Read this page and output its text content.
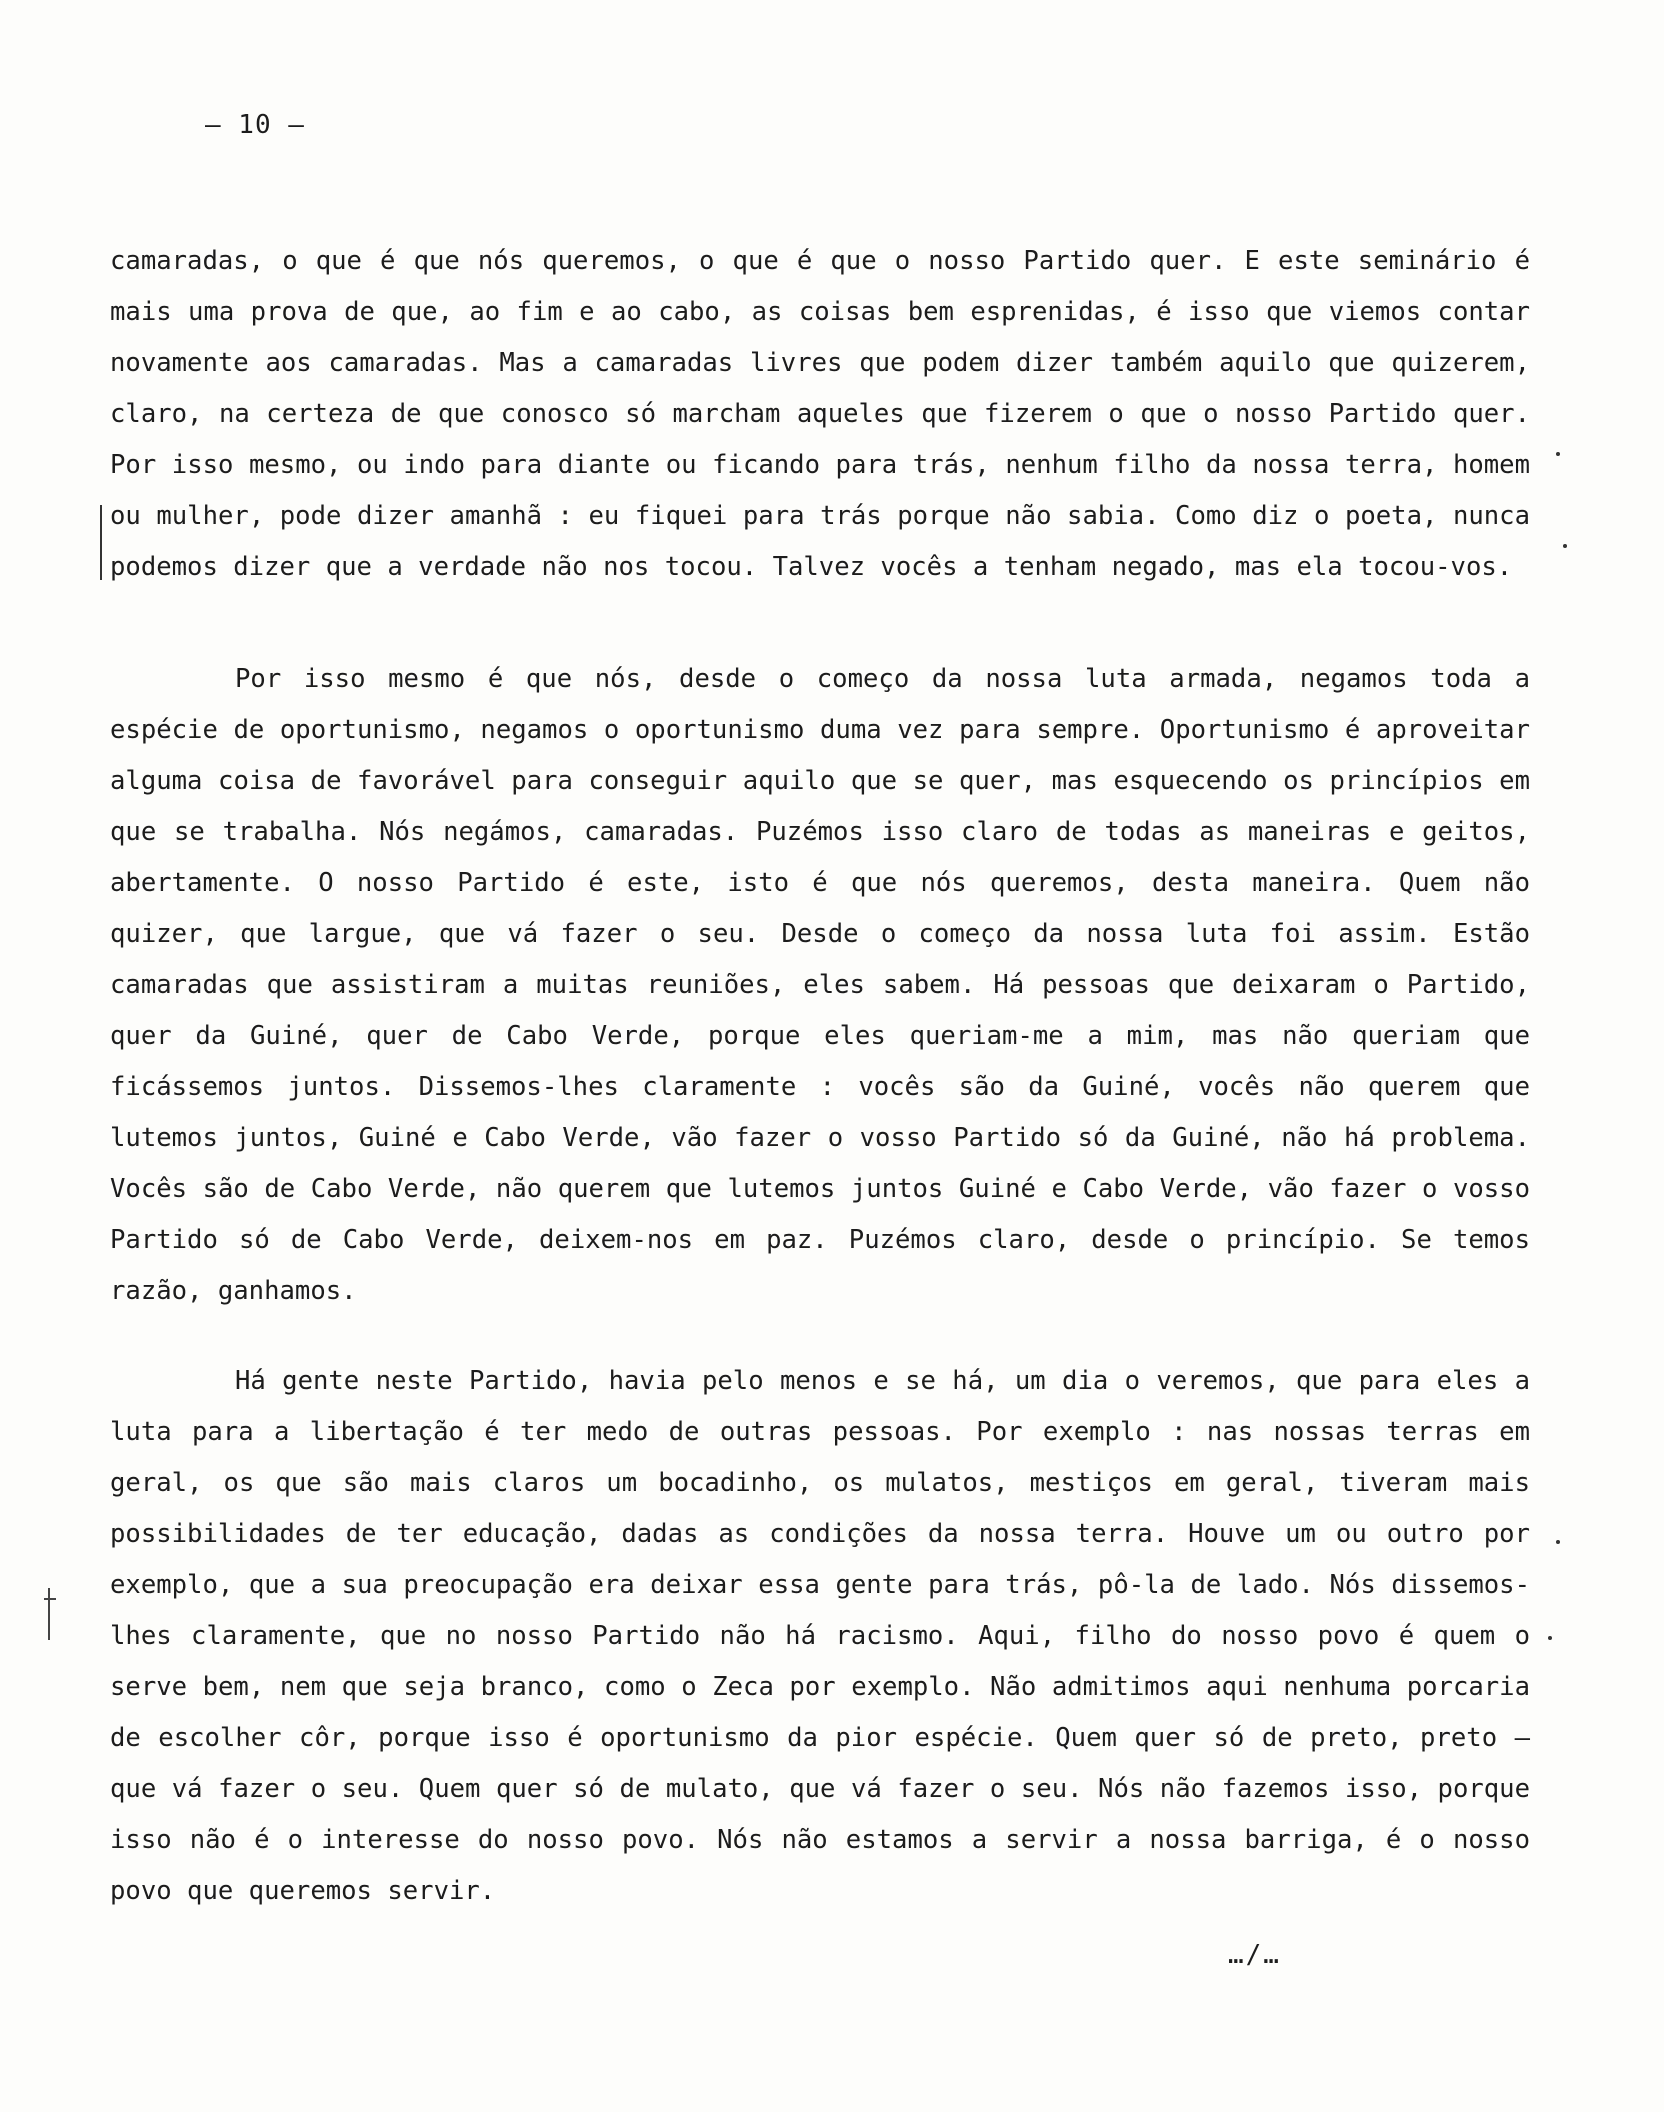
– 10 –

camaradas, o que é que nós queremos, o que é que o nosso Partido quer. E este seminário é mais uma prova de que, ao fim e ao cabo, as coisas bem esprenidas, é isso que viemos contar novamente aos camaradas. Mas a camaradas livres que podem dizer também aquilo que quizerem, claro, na certeza de que conosco só marcham aqueles que fizerem o que o nosso Partido quer. Por isso mesmo, ou indo para diante ou ficando para trás, nenhum filho da nossa terra, homem ou mulher, pode dizer amanhã : eu fiquei para trás porque não sabia. Como diz o poeta, nunca podemos dizer que a verdade não nos tocou. Talvez vocês a tenham negado, mas ela tocou-vos.

Por isso mesmo é que nós, desde o começo da nossa luta armada, negamos toda a espécie de oportunismo, negamos o oportunismo duma vez para sempre. Oportunismo é aproveitar alguma coisa de favorável para conseguir aquilo que se quer, mas esquecendo os princípios em que se trabalha. Nós negámos, camaradas. Puzémos isso claro de todas as maneiras e geitos, abertamente. O nosso Partido é este, isto é que nós queremos, desta maneira. Quem não quizer, que largue, que vá fazer o seu. Desde o começo da nossa luta foi assim. Estão camaradas que assistiram a muitas reuniões, eles sabem. Há pessoas que deixaram o Partido, quer da Guiné, quer de Cabo Verde, porque eles queriam-me a mim, mas não queriam que ficássemos juntos. Dissemos-lhes claramente : vocês são da Guiné, vocês não querem que lutemos juntos, Guiné e Cabo Verde, vão fazer o vosso Partido só da Guiné, não há problema. Vocês são de Cabo Verde, não querem que lutemos juntos Guiné e Cabo Verde, vão fazer o vosso Partido só de Cabo Verde, deixem-nos em paz. Puzémos claro, desde o princípio. Se temos razão, ganhamos.

Há gente neste Partido, havia pelo menos e se há, um dia o veremos, que para eles a luta para a libertação é ter medo de outras pessoas. Por exemplo : nas nossas terras em geral, os que são mais claros um bocadinho, os mulatos, mestiços em geral, tiveram mais possibilidades de ter educação, dadas as condições da nossa terra. Houve um ou outro por exemplo, que a sua preocupação era deixar essa gente para trás, pô-la de lado. Nós dissemos-lhes claramente, que no nosso Partido não há racismo. Aqui, filho do nosso povo é quem o serve bem, nem que seja branco, como o Zeca por exemplo. Não admitimos aqui nenhuma porcaria de escolher côr, porque isso é oportunismo da pior espécie. Quem quer só de preto, preto – que vá fazer o seu. Quem quer só de mulato, que vá fazer o seu. Nós não fazemos isso, porque isso não é o interesse do nosso povo. Nós não estamos a servir a nossa barriga, é o nosso povo que queremos servir.

…/…
